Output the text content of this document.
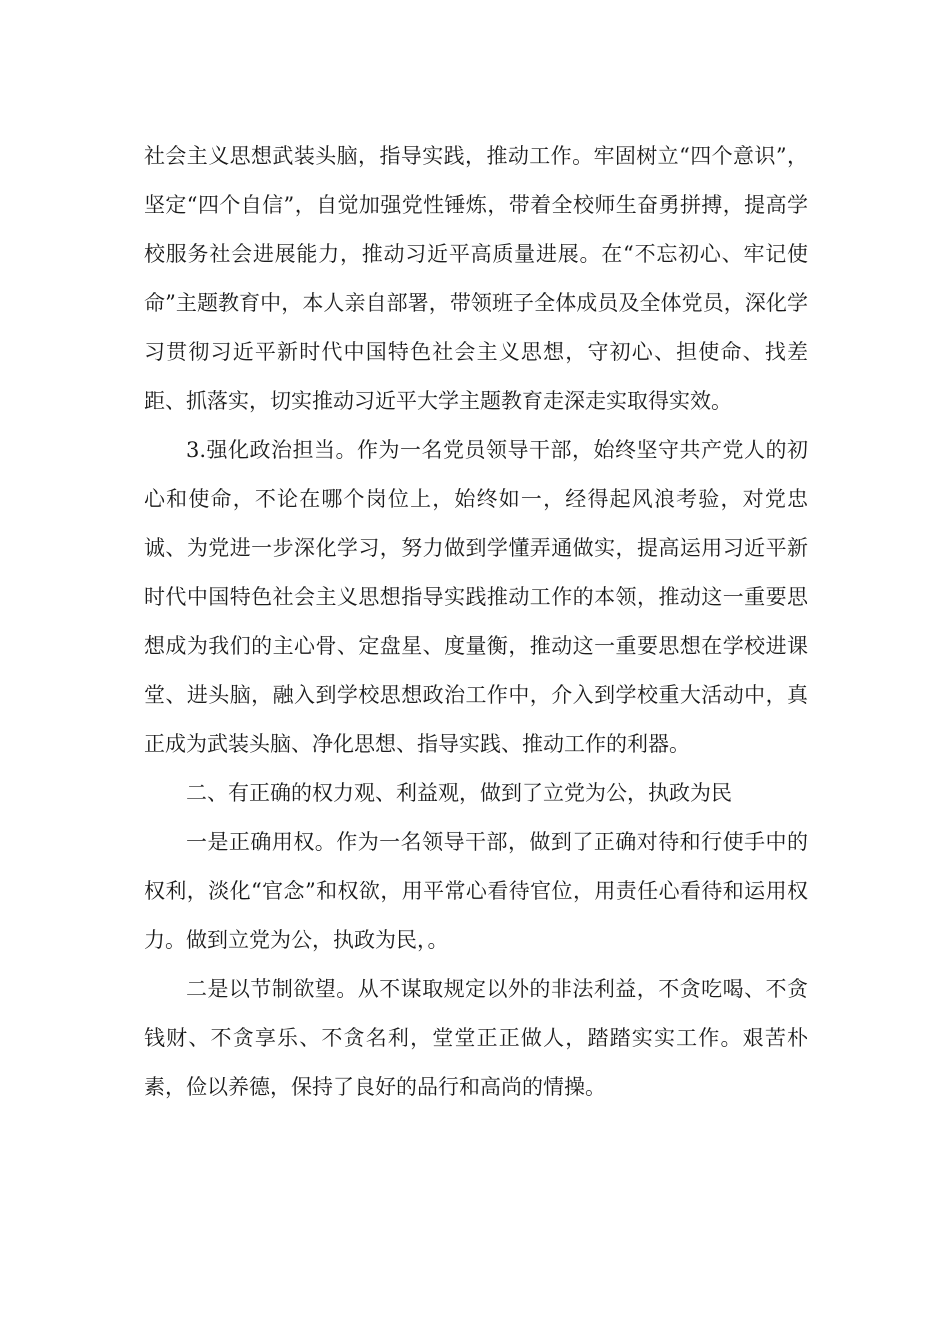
社会主义思想武装头脑，指导实践，推动工作。牢固树立“四个意识”，坚定“四个自信”，自觉加强党性锤炼，带着全校师生奋勇拼搏，提高学校服务社会进展能力，推动习近平高质量进展。在“不忘初心、牢记使命”主题教育中，本人亲自部署，带领班子全体成员及全体党员，深化学习贯彻习近平新时代中国特色社会主义思想，守初心、担使命、找差距、抓落实，切实推动习近平大学主题教育走深走实取得实效。

3.强化政治担当。作为一名党员领导干部，始终坚守共产党人的初心和使命，不论在哪个岗位上，始终如一，经得起风浪考验，对党忠诚、为党进一步深化学习，努力做到学懂弄通做实，提高运用习近平新时代中国特色社会主义思想指导实践推动工作的本领，推动这一重要思想成为我们的主心骨、定盘星、度量衡，推动这一重要思想在学校进课堂、进头脑，融入到学校思想政治工作中，介入到学校重大活动中，真正成为武装头脑、净化思想、指导实践、推动工作的利器。

二、有正确的权力观、利益观，做到了立党为公，执政为民

一是正确用权。作为一名领导干部，做到了正确对待和行使手中的权利，淡化“官念”和权欲，用平常心看待官位，用责任心看待和运用权力。做到立党为公，执政为民，。

二是以节制欲望。从不谋取规定以外的非法利益，不贪吃喝、不贪钱财、不贪享乐、不贪名利，堂堂正正做人，踏踏实实工作。艰苦朴素，俭以养德，保持了良好的品行和高尚的情操。
